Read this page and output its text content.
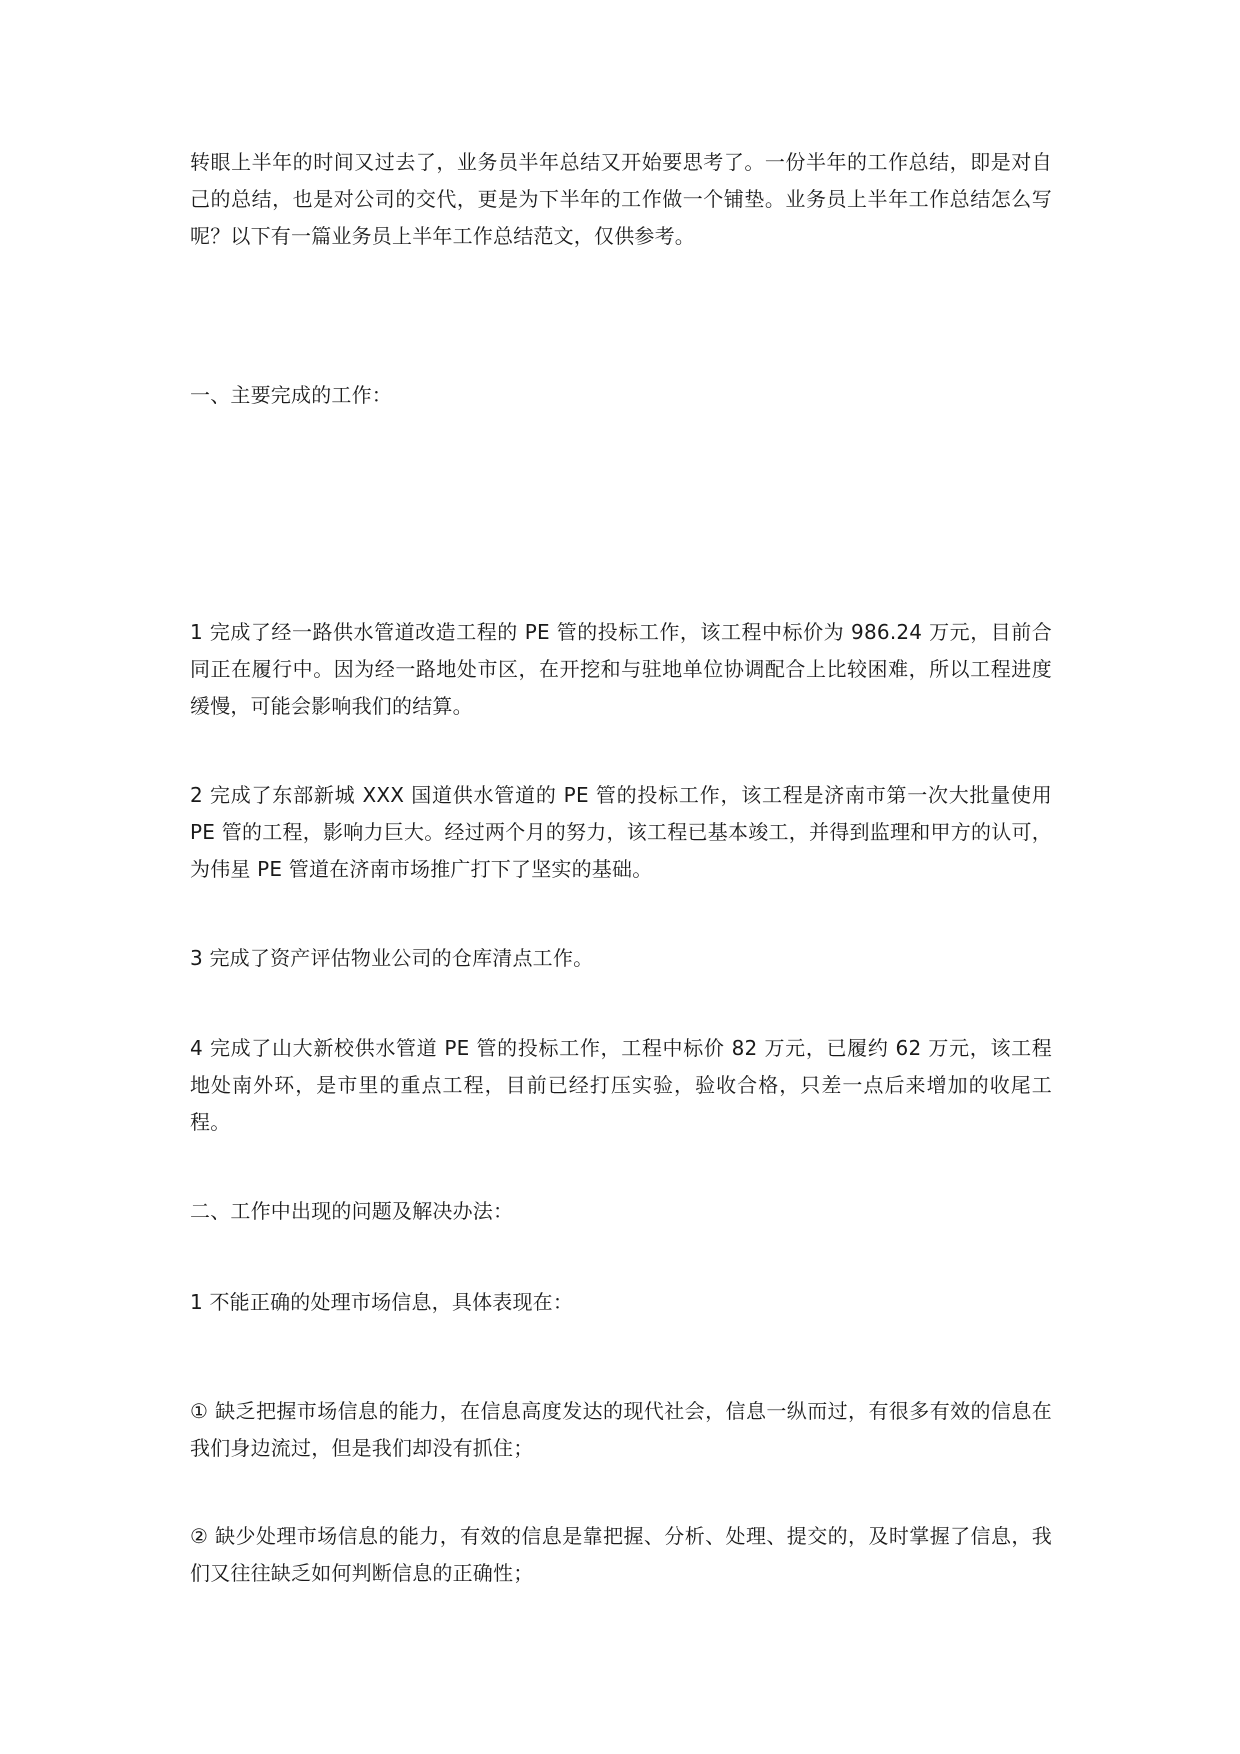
转眼上半年的时间又过去了，业务员半年总结又开始要思考了。一份半年的工作总结，即是对自己的总结，也是对公司的交代，更是为下半年的工作做一个铺垫。业务员上半年工作总结怎么写呢？以下有一篇业务员上半年工作总结范文，仅供参考。

一、主要完成的工作：

1 完成了经一路供水管道改造工程的 PE 管的投标工作，该工程中标价为 986.24 万元，目前合同正在履行中。因为经一路地处市区，在开挖和与驻地单位协调配合上比较困难，所以工程进度缓慢，可能会影响我们的结算。

2 完成了东部新城 XXX 国道供水管道的 PE 管的投标工作，该工程是济南市第一次大批量使用 PE 管的工程，影响力巨大。经过两个月的努力，该工程已基本竣工，并得到监理和甲方的认可，为伟星 PE 管道在济南市场推广打下了坚实的基础。

3 完成了资产评估物业公司的仓库清点工作。

4 完成了山大新校供水管道 PE 管的投标工作，工程中标价 82 万元，已履约 62 万元，该工程地处南外环，是市里的重点工程，目前已经打压实验，验收合格，只差一点后来增加的收尾工程。

二、工作中出现的问题及解决办法：

1 不能正确的处理市场信息，具体表现在：

① 缺乏把握市场信息的能力，在信息高度发达的现代社会，信息一纵而过，有很多有效的信息在我们身边流过，但是我们却没有抓住；

② 缺少处理市场信息的能力，有效的信息是靠把握、分析、处理、提交的，及时掌握了信息，我们又往往缺乏如何判断信息的正确性；
